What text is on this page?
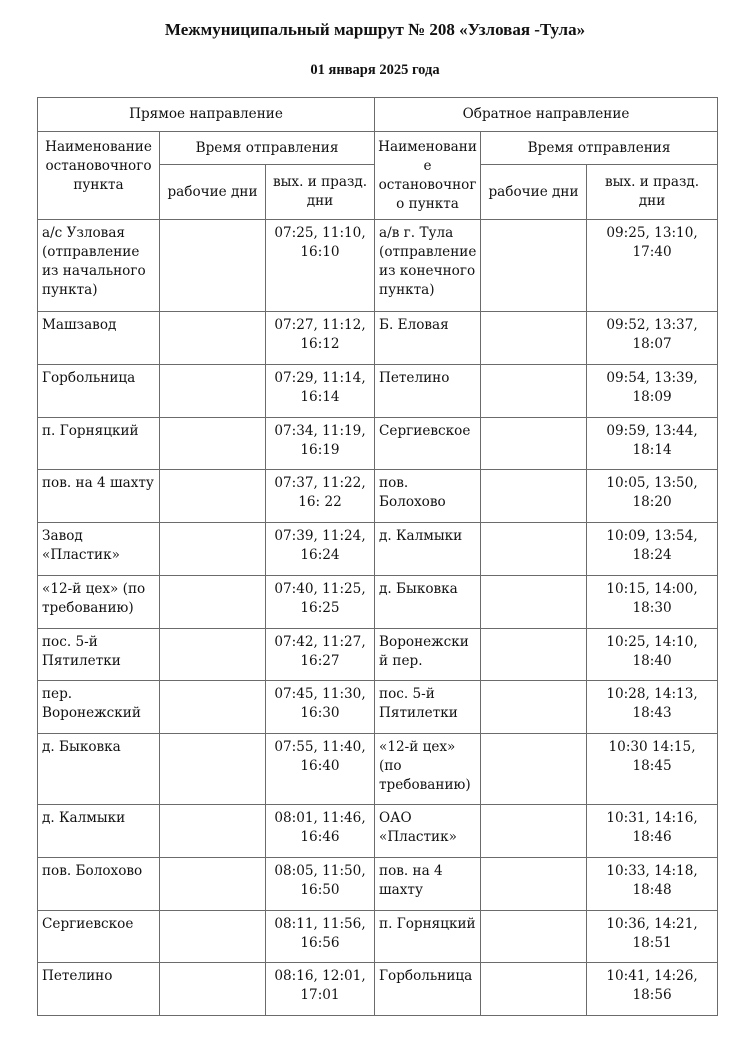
Межмуниципальный маршрут № 208 «Узловая -Тула»
01 января 2025 года
Прямое направление			Обратное направление		
Наименование остановочного пункта	Время отправления		Наименовани е остановочног о пункта	Время отправления	
	рабочие дни	вых. и празд. дни		рабочие дни	вых. и празд. дни
а/с Узловая (отправление из начального пункта)		07:25, 11:10, 16:10	а/в г. Тула (отправление из конечного пункта)		09:25, 13:10, 17:40
Машзавод		07:27, 11:12, 16:12	Б. Еловая		09:52, 13:37, 18:07
Горбольница		07:29, 11:14, 16:14	Петелино		09:54, 13:39, 18:09
п. Горняцкий		07:34, 11:19, 16:19	Сергиевское		09:59, 13:44, 18:14
пов. на 4 шахту		07:37, 11:22, 16: 22	пов. Болохово		10:05, 13:50, 18:20
Завод «Пластик»		07:39, 11:24, 16:24	д. Калмыки		10:09, 13:54, 18:24
«12-й цех» (по требованию)		07:40, 11:25, 16:25	д. Быковка		10:15, 14:00, 18:30
пос. 5-й Пятилетки		07:42, 11:27, 16:27	Воронежски й пер.		10:25, 14:10, 18:40
пер. Воронежский		07:45, 11:30, 16:30	пос. 5-й Пятилетки		10:28, 14:13, 18:43
д. Быковка		07:55, 11:40, 16:40	«12-й цех» (по требованию)		10:30 14:15, 18:45
д. Калмыки		08:01, 11:46, 16:46	ОАО «Пластик»		10:31, 14:16, 18:46
пов. Болохово		08:05, 11:50, 16:50	пов. на 4 шахту		10:33, 14:18, 18:48
Сергиевское		08:11, 11:56, 16:56	п. Горняцкий		10:36, 14:21, 18:51
Петелино		08:16, 12:01, 17:01	Горбольница		10:41, 14:26, 18:56
